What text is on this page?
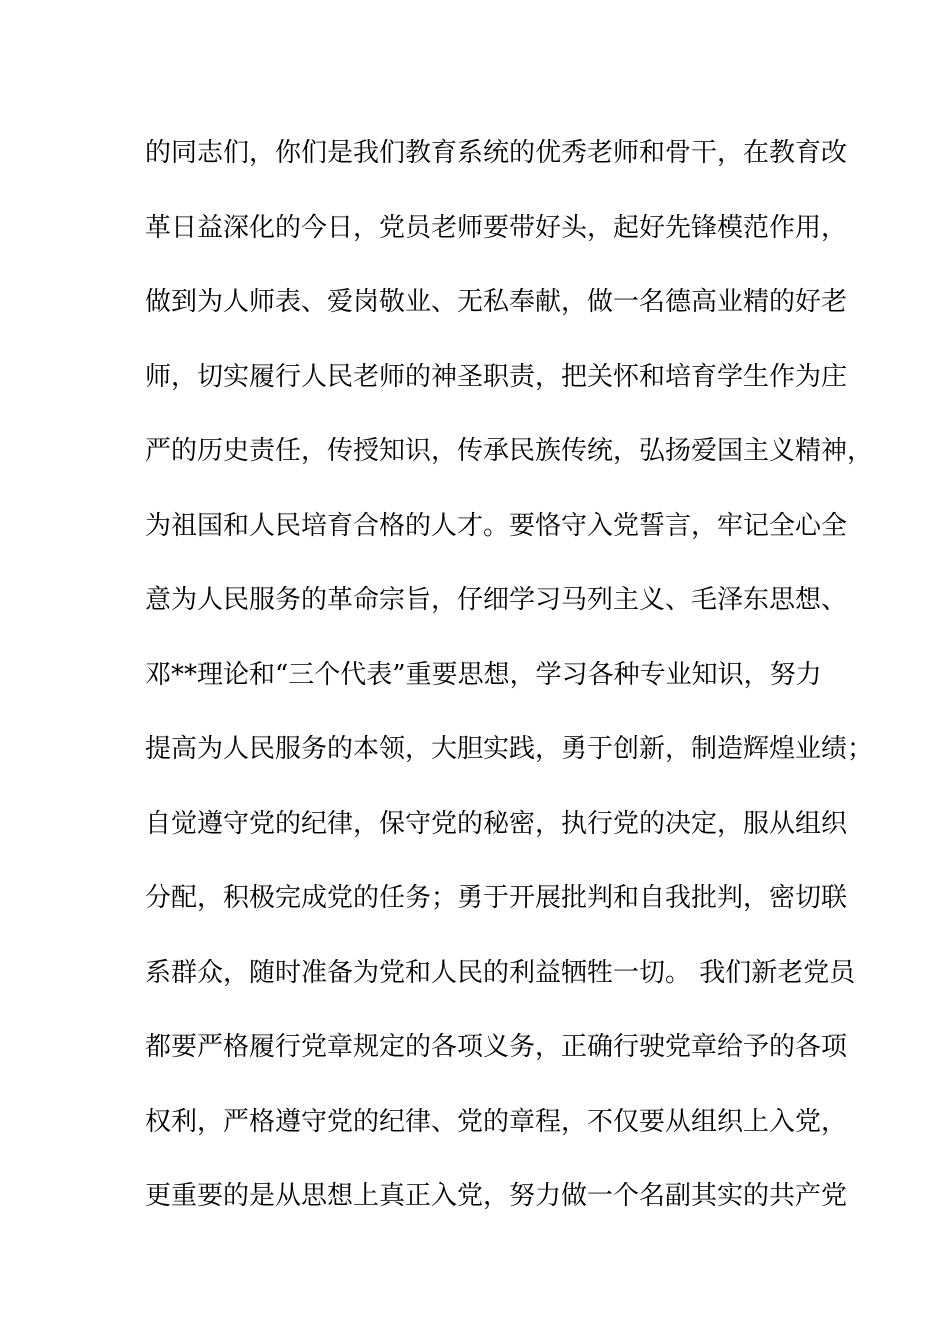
的同志们，你们是我们教育系统的优秀老师和骨干，在教育改
革日益深化的今日，党员老师要带好头，起好先锋模范作用，
做到为人师表、爱岗敬业、无私奉献，做一名德高业精的好老
师，切实履行人民老师的神圣职责，把关怀和培育学生作为庄
严的历史责任，传授知识，传承民族传统，弘扬爱国主义精神，
为祖国和人民培育合格的人才。要恪守入党誓言，牢记全心全
意为人民服务的革命宗旨，仔细学习马列主义、毛泽东思想、
邓**理论和“三个代表”重要思想，学习各种专业知识，努力
提高为人民服务的本领，大胆实践，勇于创新，制造辉煌业绩；
自觉遵守党的纪律，保守党的秘密，执行党的决定，服从组织
分配，积极完成党的任务；勇于开展批判和自我批判，密切联
系群众，随时准备为党和人民的利益牺牲一切。 我们新老党员
都要严格履行党章规定的各项义务，正确行驶党章给予的各项
权利，严格遵守党的纪律、党的章程，不仅要从组织上入党，
更重要的是从思想上真正入党，努力做一个名副其实的共产党
